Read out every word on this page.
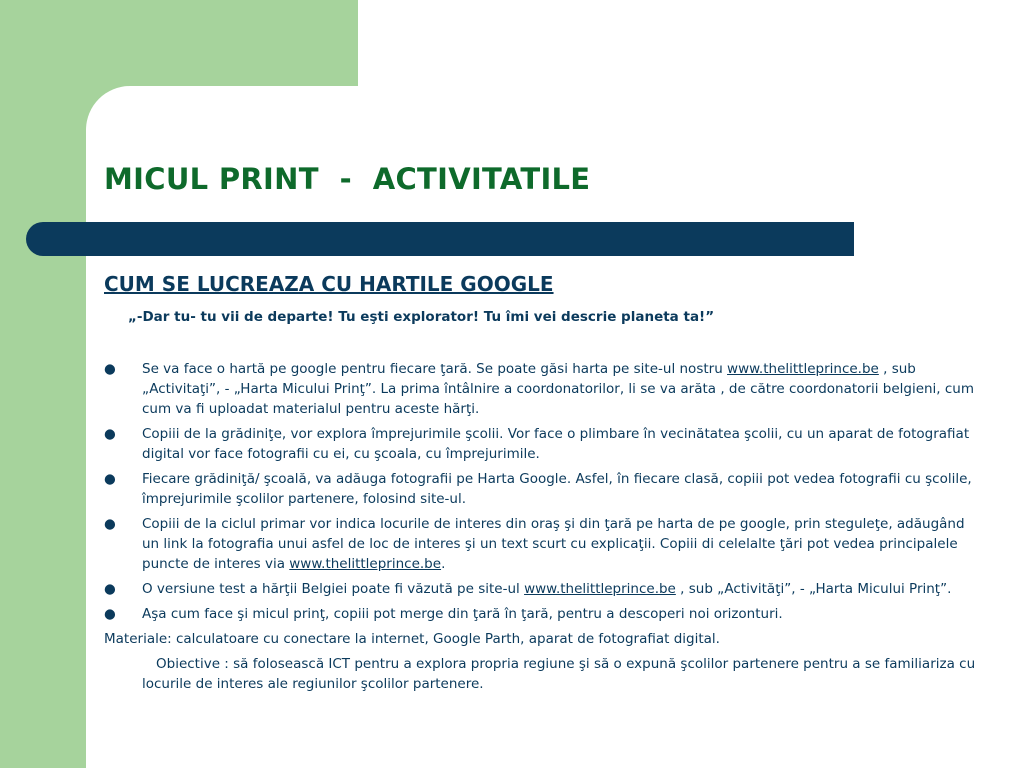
MICUL PRINT  -  ACTIVITATILE
CUM SE LUCREAZA CU HARTILE GOOGLE

„-Dar tu- tu vii de departe! Tu eşti explorator! Tu îmi vei descrie planeta ta!”

● Se va face o hartă pe google pentru fiecare ţară. Se poate găsi harta pe site-ul nostru www.thelittleprince.be , sub „Activitaţi”, - „Harta Micului Prinţ”. La prima întâlnire a coordonatorilor, li se va arăta , de către coordonatorii belgieni, cum cum va fi uploadat materialul pentru aceste hărţi.
● Copiii de la grădiniţe, vor explora împrejurimile şcolii. Vor face o plimbare în vecinătatea şcolii, cu un aparat de fotografiat digital vor face fotografii cu ei, cu şcoala, cu împrejurimile.
● Fiecare grădiniţă/ şcoală, va adăuga fotografii pe Harta Google. Asfel, în fiecare clasă, copiii pot vedea fotografii cu şcolile, împrejurimile şcolilor partenere, folosind site-ul.
● Copiii de la ciclul primar vor indica locurile de interes din oraş şi din ţară pe harta de pe google, prin steguleţe, adăugând un link la fotografia unui asfel de loc de interes şi un text scurt cu explicaţii. Copiii di celelalte ţări pot vedea principalele puncte de interes via www.thelittleprince.be.
● O versiune test a hărţii Belgiei poate fi văzută pe site-ul www.thelittleprince.be , sub „Activităţi”, - „Harta Micului Prinţ”.
● Aşa cum face şi micul prinţ, copiii pot merge din ţară în ţară, pentru a descoperi noi orizonturi.

Materiale: calculatoare cu conectare la internet, Google Parth, aparat de fotografiat digital.

Obiective : să folosească ICT pentru a explora propria regiune şi să o expună şcolilor partenere pentru a se familiariza cu locurile de interes ale regiunilor şcolilor partenere.
